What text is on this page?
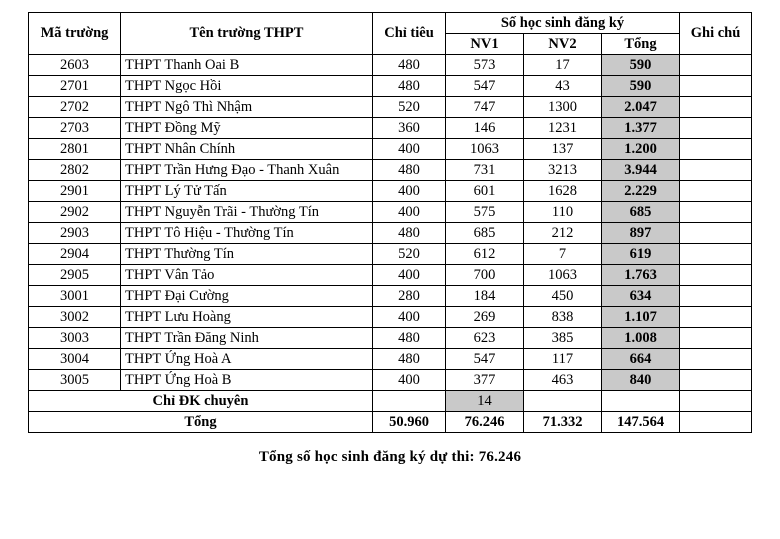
Mã trường	Tên trường THPT	Chỉ tiêu	Số học sinh đăng ký			Ghi chú
			NV1	NV2	Tổng	
2603	THPT Thanh Oai B	480	573	17	590	
2701	THPT Ngọc Hồi	480	547	43	590	
2702	THPT Ngô Thì Nhậm	520	747	1300	2.047	
2703	THPT Đồng Mỹ	360	146	1231	1.377	
2801	THPT Nhân Chính	400	1063	137	1.200	
2802	THPT Trần Hưng Đạo - Thanh Xuân	480	731	3213	3.944	
2901	THPT Lý Tử Tấn	400	601	1628	2.229	
2902	THPT Nguyễn Trãi - Thường Tín	400	575	110	685	
2903	THPT Tô Hiệu - Thường Tín	480	685	212	897	
2904	THPT Thường Tín	520	612	7	619	
2905	THPT Vân Tảo	400	700	1063	1.763	
3001	THPT Đại Cường	280	184	450	634	
3002	THPT Lưu Hoàng	400	269	838	1.107	
3003	THPT Trần Đăng Ninh	480	623	385	1.008	
3004	THPT Ứng Hoà A	480	547	117	664	
3005	THPT Ứng Hoà B	400	377	463	840	
Chỉ ĐK chuyên			14			
Tổng		50.960	76.246	71.332	147.564	
Tổng số học sinh đăng ký dự thi: 76.246
